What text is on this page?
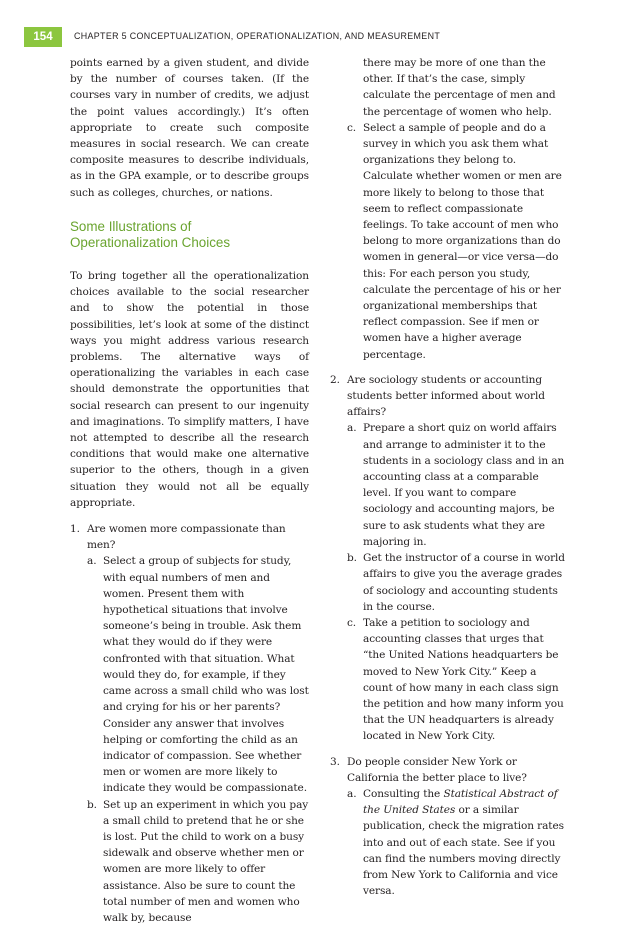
154	CHAPTER 5 CONCEPTUALIZATION, OPERATIONALIZATION, AND MEASUREMENT

points earned by a given student, and divide by the number of courses taken. (If the courses vary in number of credits, we adjust the point values accordingly.) It’s often appropriate to create such composite measures in social research. We can create composite measures to describe individuals, as in the GPA example, or to describe groups such as colleges, churches, or nations.

Some Illustrations of
Operationalization Choices

To bring together all the operationalization choices available to the social researcher and to show the potential in those possibilities, let’s look at some of the distinct ways you might address various research problems. The alternative ways of operationalizing the variables in each case should demonstrate the opportunities that social research can present to our ingenuity and imaginations. To simplify matters, I have not attempted to describe all the research conditions that would make one alternative superior to the others, though in a given situation they would not all be equally appropriate.

1. Are women more compassionate than men?
a. Select a group of subjects for study, with equal numbers of men and women. Present them with hypothetical situations that involve someone’s being in trouble. Ask them what they would do if they were confronted with that situation. What would they do, for example, if they came across a small child who was lost and crying for his or her parents? Consider any answer that involves helping or comforting the child as an indicator of compassion. See whether men or women are more likely to indicate they would be compassionate.
b. Set up an experiment in which you pay a small child to pretend that he or she is lost. Put the child to work on a busy sidewalk and observe whether men or women are more likely to offer assistance. Also be sure to count the total number of men and women who walk by, because
there may be more of one than the other. If that’s the case, simply calculate the percentage of men and the percentage of women who help.
c. Select a sample of people and do a survey in which you ask them what organizations they belong to. Calculate whether women or men are more likely to belong to those that seem to reflect compassionate feelings. To take account of men who belong to more organizations than do women in general—or vice versa—do this: For each person you study, calculate the percentage of his or her organizational memberships that reflect compassion. See if men or women have a higher average percentage.
2. Are sociology students or accounting students better informed about world affairs?
a. Prepare a short quiz on world affairs and arrange to administer it to the students in a sociology class and in an accounting class at a comparable level. If you want to compare sociology and accounting majors, be sure to ask students what they are majoring in.
b. Get the instructor of a course in world affairs to give you the average grades of sociology and accounting students in the course.
c. Take a petition to sociology and accounting classes that urges that “the United Nations headquarters be moved to New York City.” Keep a count of how many in each class sign the petition and how many inform you that the UN headquarters is already located in New York City.
3. Do people consider New York or California the better place to live?
a. Consulting the Statistical Abstract of the United States or a similar publication, check the migration rates into and out of each state. See if you can find the numbers moving directly from New York to California and vice versa.
